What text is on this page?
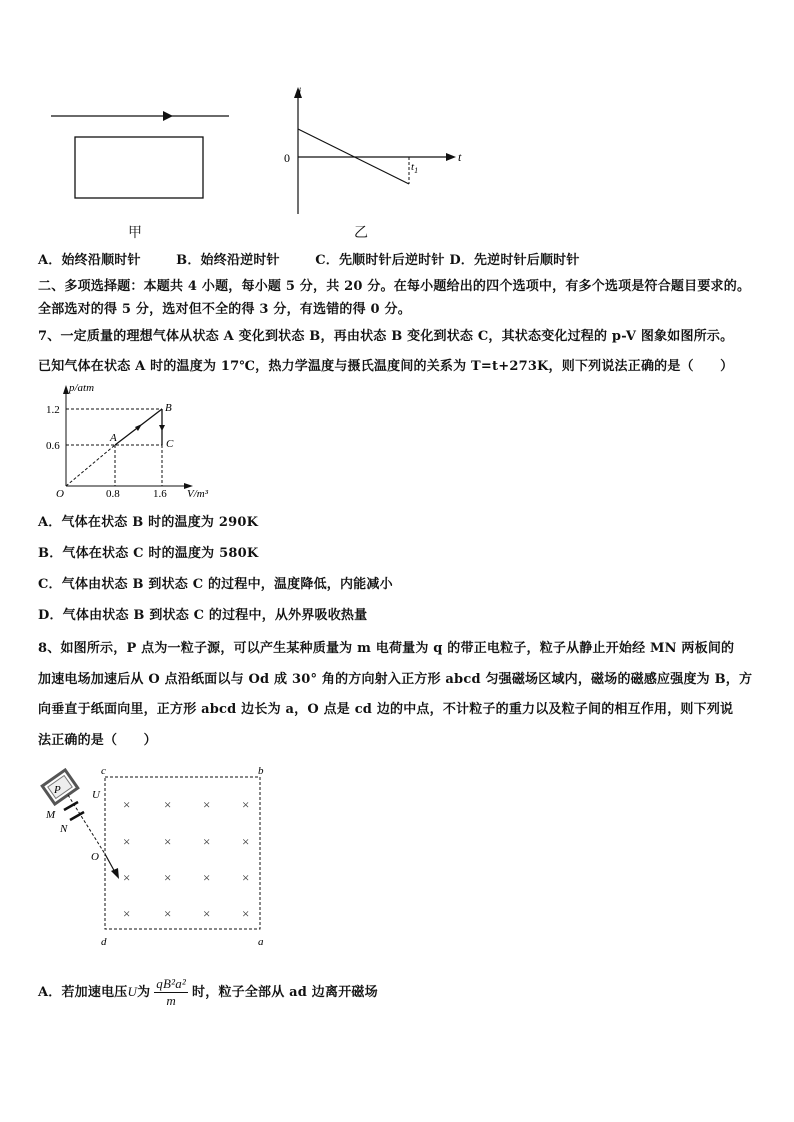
甲
i
t
0
$t_1$
乙
A．始终沿顺时针	B．始终沿逆时针	C．先顺时针后逆时针 D．先逆时针后顺时针
二、多项选择题：本题共 4 小题，每小题 5 分，共 20 分。在每小题给出的四个选项中，有多个选项是符合题目要求的。
全部选对的得 5 分，选对但不全的得 3 分，有选错的得 0 分。
7、一定质量的理想气体从状态 A 变化到状态 B，再由状态 B 变化到状态 C，其状态变化过程的 p-V 图象如图所示。
已知气体在状态 A 时的温度为 17℃，热力学温度与摄氏温度间的关系为 T=t+273K，则下列说法正确的是（　　）
p/atm
V/m³
1.2
0.6
0.8	1.6
O
A
B
C
A．气体在状态 B 时的温度为 290K
B．气体在状态 C 时的温度为 580K
C．气体由状态 B 到状态 C 的过程中，温度降低，内能减小
D．气体由状态 B 到状态 C 的过程中，从外界吸收热量
8、如图所示，P 点为一粒子源，可以产生某种质量为 m 电荷量为 q 的带正电粒子，粒子从静止开始经 MN 两板间的
加速电场加速后从 O 点沿纸面以与 Od 成 30° 角的方向射入正方形 abcd 匀强磁场区域内，磁场的磁感应强度为 B，方
向垂直于纸面向里，正方形 abcd 边长为 a，O 点是 cd 边的中点，不计粒子的重力以及粒子间的相互作用，则下列说
法正确的是（　　）
c	b
d	a
×	× × ×
×	× × ×
×	× × ×
×	× × ×
P	U
M
N
O
A．若加速电压U为 $\frac{\text{qB²a²}}{m}$ 时，粒子全部从 ad 边离开磁场
